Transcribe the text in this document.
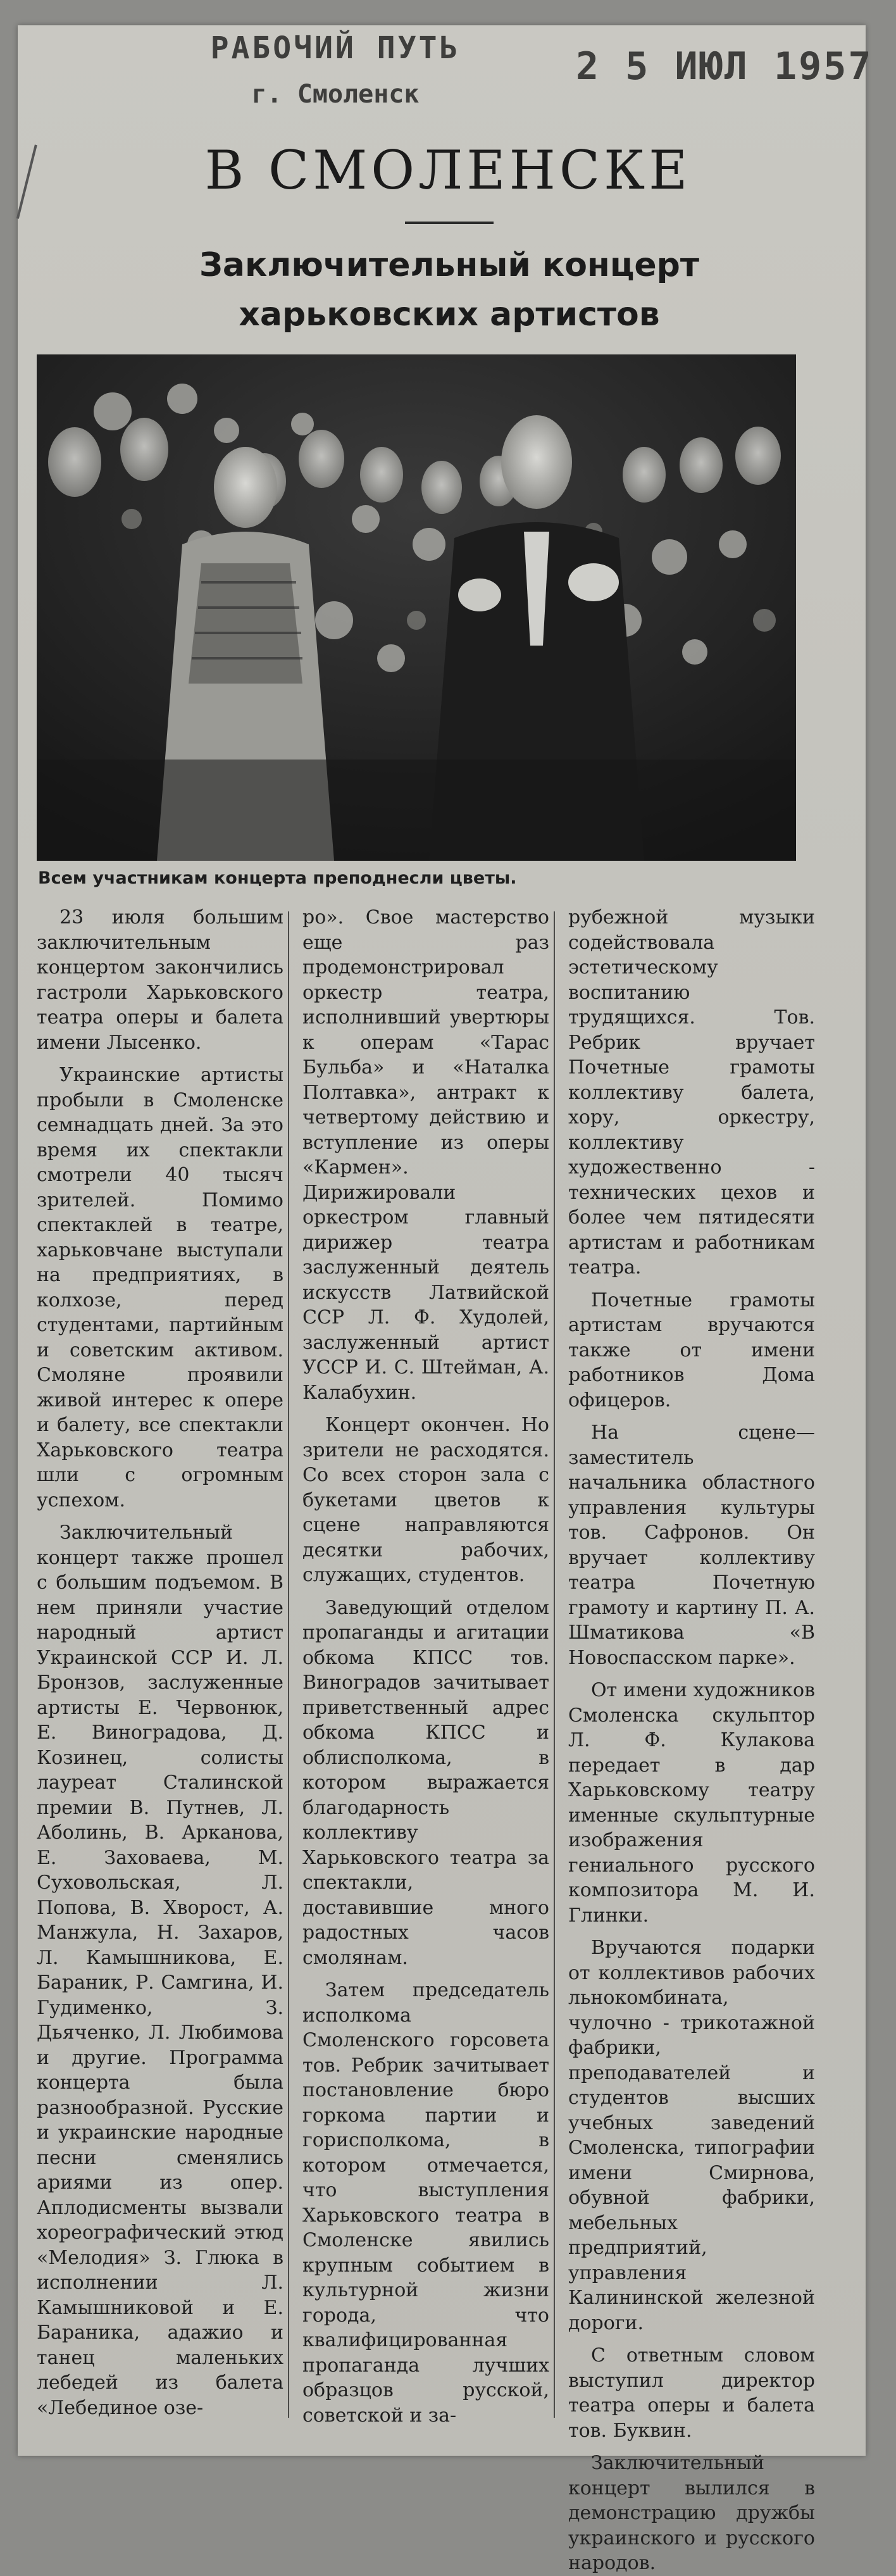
РАБОЧИЙ ПУТЬ
г. Смоленск
2 5 ИЮЛ 1957
В СМОЛЕНСКЕ
Заключительный концерт
харьковских артистов
Всем участникам концерта преподнесли цветы.

23 июля большим заключительным концертом закончились гастроли Харьковского театра оперы и балета имени Лысенко.

Украинские артисты пробыли в Смоленске семнадцать дней. За это время их спектакли смотрели 40 тысяч зрителей. Помимо спектаклей в театре, харьковчане выступали на предприятиях, в колхозе, перед студентами, партийным и советским активом. Смоляне проявили живой интерес к опере и балету, все спектакли Харьковского театра шли с огромным успехом.

Заключительный концерт также прошел с большим подъемом. В нем приняли участие народный артист Украинской ССР И. Л. Бронзов, заслуженные артисты Е. Червонюк, Е. Виноградова, Д. Козинец, солисты лауреат Сталинской премии В. Путнев, Л. Аболинь, В. Арканова, Е. Заховаева, М. Суховольская, Л. Попова, В. Хворост, А. Манжула, Н. Захаров, Л. Камышникова, Е. Бараник, Р. Самгина, И. Гудименко, З. Дьяченко, Л. Любимова и другие. Программа концерта была разнообразной. Русские и украинские народные песни сменялись ариями из опер. Аплодисменты вызвали хореографический этюд «Мелодия» З. Глюка в исполнении Л. Камышниковой и Е. Бараника, адажио и танец маленьких лебедей из балета «Лебединое озе-

ро». Свое мастерство еще раз продемонстрировал оркестр театра, исполнивший увертюры к операм «Тарас Бульба» и «Наталка Полтавка», антракт к четвертому действию и вступление из оперы «Кармен». Дирижировали оркестром главный дирижер театра заслуженный деятель искусств Латвийской ССР Л. Ф. Худолей, заслуженный артист УССР И. С. Штейман, А. Калабухин.

Концерт окончен. Но зрители не расходятся. Со всех сторон зала с букетами цветов к сцене направляются десятки рабочих, служащих, студентов.

Заведующий отделом пропаганды и агитации обкома КПСС тов. Виноградов зачитывает приветственный адрес обкома КПСС и облисполкома, в котором выражается благодарность коллективу Харьковского театра за спектакли, доставившие много радостных часов смолянам.

Затем председатель исполкома Смоленского горсовета тов. Ребрик зачитывает постановление бюро горкома партии и горисполкома, в котором отмечается, что выступления Харьковского театра в Смоленске явились крупным событием в культурной жизни города, что квалифицированная пропаганда лучших образцов русской, советской и за-

рубежной музыки содействовала эстетическому воспитанию трудящихся. Тов. Ребрик вручает Почетные грамоты коллективу балета, хору, оркестру, коллективу художественно - технических цехов и более чем пятидесяти артистам и работникам театра.

Почетные грамоты артистам вручаются также от имени работников Дома офицеров.

На сцене—заместитель начальника областного управления культуры тов. Сафронов. Он вручает коллективу театра Почетную грамоту и картину П. А. Шматикова «В Новоспасском парке».

От имени художников Смоленска скульптор Л. Ф. Кулакова передает в дар Харьковскому театру именные скульптурные изображения гениального русского композитора М. И. Глинки.

Вручаются подарки от коллективов рабочих льнокомбината, чулочно - трикотажной фабрики, преподавателей и студентов высших учебных заведений Смоленска, типографии имени Смирнова, обувной фабрики, мебельных предприятий, управления Калининской железной дороги.

С ответным словом выступил директор театра оперы и балета тов. Буквин.

Заключительный концерт вылился в демонстрацию дружбы украинского и русского народов.
